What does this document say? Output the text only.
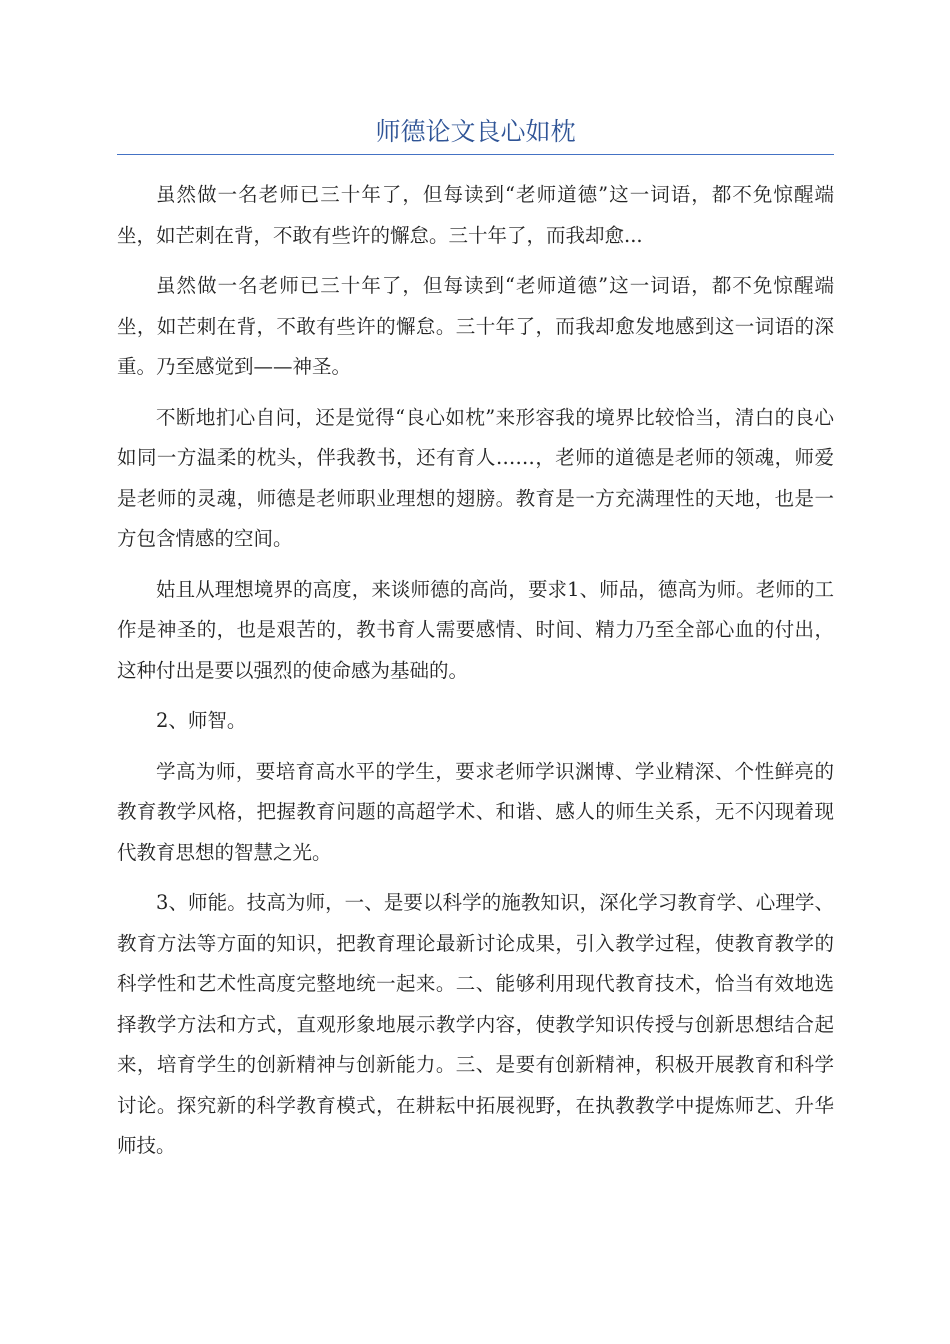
师德论文良心如枕

虽然做一名老师已三十年了，但每读到“老师道德”这一词语，都不免惊醒端坐，如芒刺在背，不敢有些许的懈怠。三十年了，而我却愈...

虽然做一名老师已三十年了，但每读到“老师道德”这一词语，都不免惊醒端坐，如芒刺在背，不敢有些许的懈怠。三十年了，而我却愈发地感到这一词语的深重。乃至感觉到——神圣。

不断地扪心自问，还是觉得“良心如枕”来形容我的境界比较恰当，清白的良心如同一方温柔的枕头，伴我教书，还有育人……，老师的道德是老师的领魂，师爱是老师的灵魂，师德是老师职业理想的翅膀。教育是一方充满理性的天地，也是一方包含情感的空间。

姑且从理想境界的高度，来谈师德的高尚，要求1、师品，德高为师。老师的工作是神圣的，也是艰苦的，教书育人需要感情、时间、精力乃至全部心血的付出，这种付出是要以强烈的使命感为基础的。

2、师智。

学高为师，要培育高水平的学生，要求老师学识渊博、学业精深、个性鲜亮的教育教学风格，把握教育问题的高超学术、和谐、感人的师生关系，无不闪现着现代教育思想的智慧之光。

3、师能。技高为师，一、是要以科学的施教知识，深化学习教育学、心理学、教育方法等方面的知识，把教育理论最新讨论成果，引入教学过程，使教育教学的科学性和艺术性高度完整地统一起来。二、能够利用现代教育技术，恰当有效地选择教学方法和方式，直观形象地展示教学内容，使教学知识传授与创新思想结合起来，培育学生的创新精神与创新能力。三、是要有创新精神，积极开展教育和科学讨论。探究新的科学教育模式，在耕耘中拓展视野，在执教教学中提炼师艺、升华师技。
